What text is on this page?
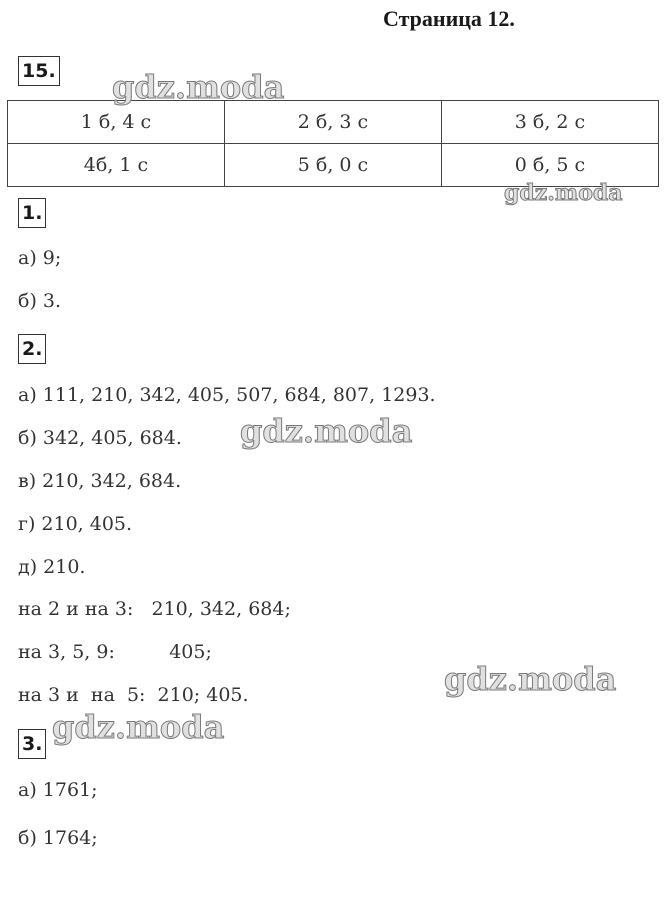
Страница 12.
15.
1 б, 4 с	2 б, 3 с	3 б, 2 с
4б, 1 с	5 б, 0 с	0 б, 5 с
1.
а) 9;
б) 3.
2.
а) 111, 210, 342, 405, 507, 684, 807, 1293.
б) 342, 405, 684.
в) 210, 342, 684.
г) 210, 405.
д) 210.
на 2 и на 3:   210, 342, 684;
на 3, 5, 9:         405;
на 3 и  на  5:  210; 405.
3.
а) 1761;
б) 1764;
gdz.moda
gdz.moda
gdz.moda
gdz.moda
gdz.moda
